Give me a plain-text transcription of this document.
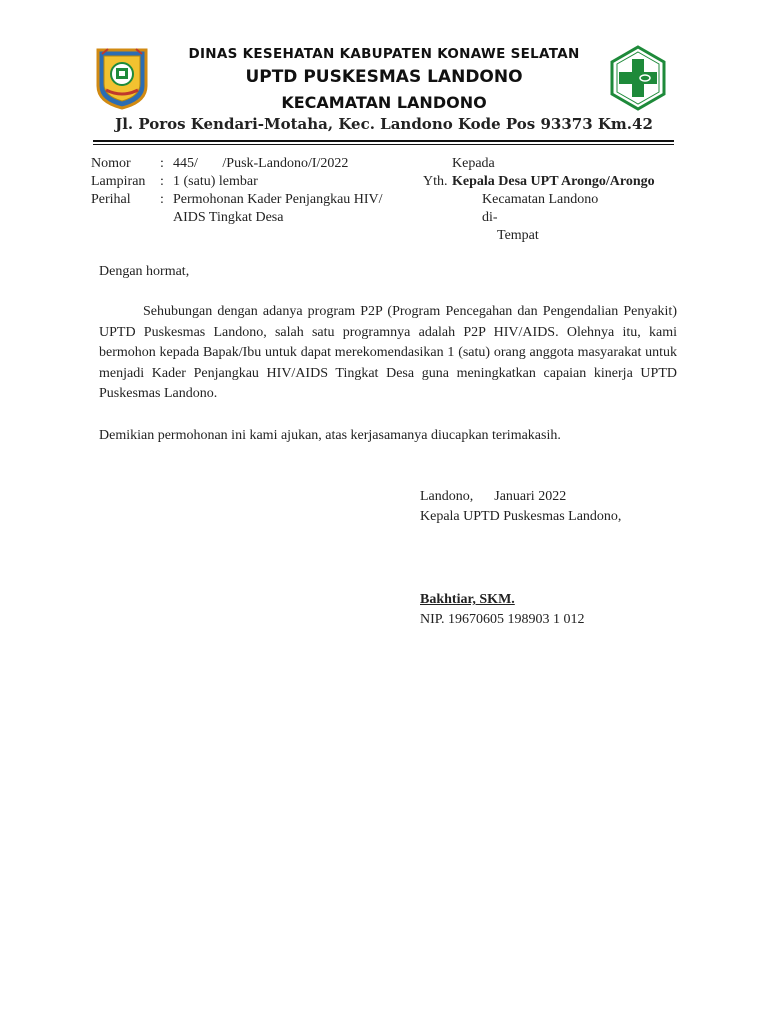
DINAS KESEHATAN KABUPATEN KONAWE SELATAN
UPTD PUSKESMAS LANDONO
KECAMATAN LANDONO
Jl. Poros Kendari-Motaha, Kec. Landono Kode Pos 93373 Km.42
Nomor : 445/       /Pusk-Landono/I/2022
Lampiran : 1 (satu) lembar
Perihal : Permohonan Kader Penjangkau HIV/
AIDS Tingkat Desa
Kepada
Yth. Kepala Desa UPT Arongo/Arongo
Kecamatan Landono
di-
Tempat
Dengan hormat,
Sehubungan dengan adanya program P2P (Program Pencegahan dan Pengendalian Penyakit) UPTD Puskesmas Landono, salah satu programnya adalah P2P HIV/AIDS. Olehnya itu, kami bermohon kepada Bapak/Ibu untuk dapat merekomendasikan 1 (satu) orang anggota masyarakat untuk menjadi Kader Penjangkau HIV/AIDS Tingkat Desa guna meningkatkan capaian kinerja UPTD Puskesmas Landono.
Demikian permohonan ini kami ajukan, atas kerjasamanya diucapkan terimakasih.
Landono,      Januari 2022
Kepala UPTD Puskesmas Landono,
Bakhtiar, SKM.
NIP. 19670605 198903 1 012
